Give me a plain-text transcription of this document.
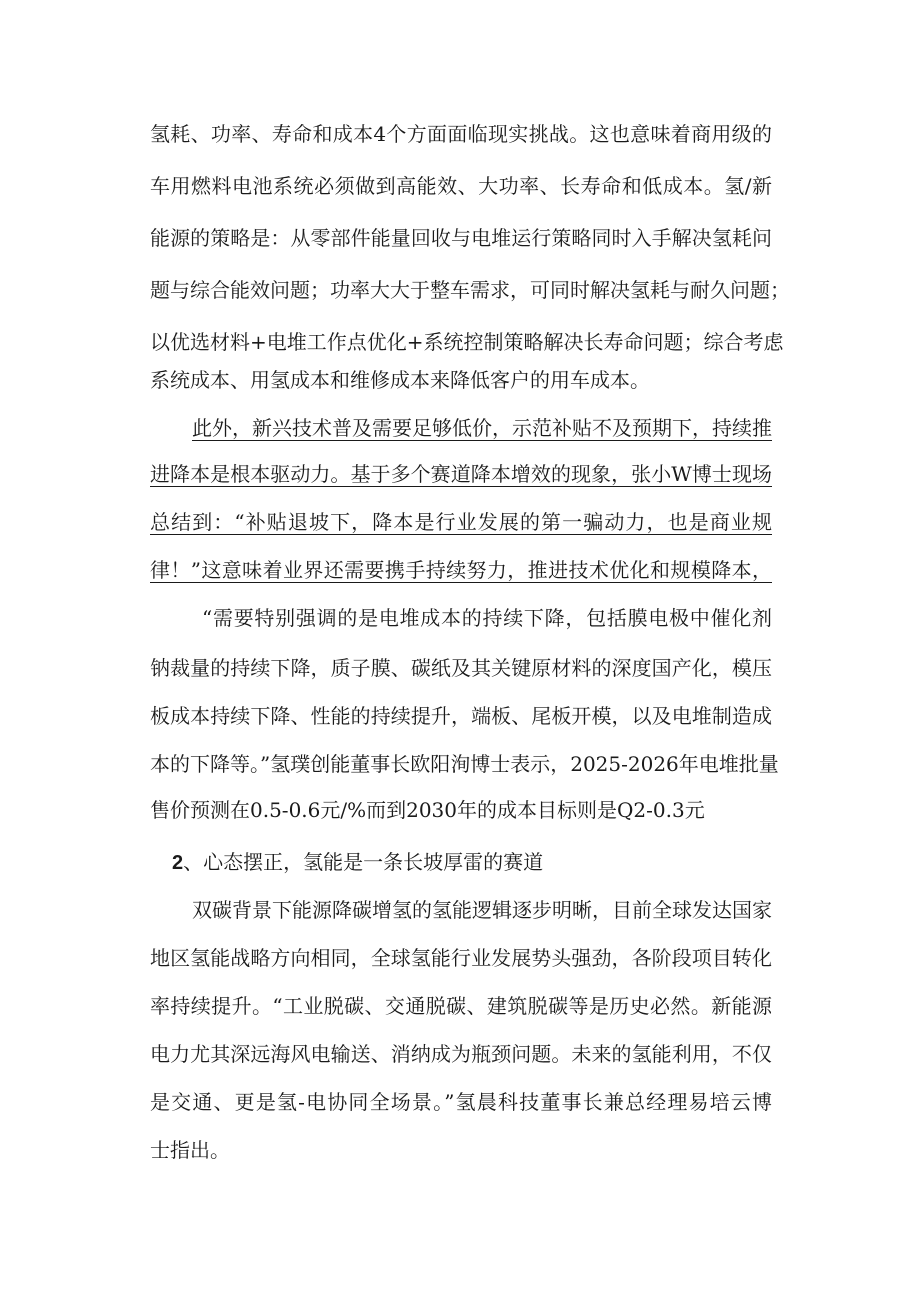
氢耗、功率、寿命和成本4个方面面临现实挑战。这也意味着商用级的
车用燃料电池系统必须做到高能效、大功率、长寿命和低成本。氢/新
能源的策略是：从零部件能量回收与电堆运行策略同时入手解决氢耗问
题与综合能效问题；功率大大于整车需求，可同时解决氢耗与耐久问题；
以优选材料+电堆工作点优化+系统控制策略解决长寿命问题；综合考虑
系统成本、用氢成本和维修成本来降低客户的用车成本。
此外，新兴技术普及需要足够低价，示范补贴不及预期下，持续推
进降本是根本驱动力。基于多个赛道降本增效的现象，张小W博士现场
总结到：“补贴退坡下，降本是行业发展的第一骗动力，也是商业规
律！”这意味着业界还需要携手持续努力，推进技术优化和规模降本，
“需要特别强调的是电堆成本的持续下降，包括膜电极中催化剂
钠裁量的持续下降，质子膜、碳纸及其关键原材料的深度国产化，模压
板成本持续下降、性能的持续提升，端板、尾板开模，以及电堆制造成
本的下降等。”氢璞创能董事长欧阳洵博士表示，2025-2026年电堆批量
售价预测在0.5-0.6元/%而到2030年的成本目标则是Q2-0.3元
2、心态摆正，氢能是一条长坡厚雷的赛道
双碳背景下能源降碳增氢的氢能逻辑逐步明晰，目前全球发达国家
地区氢能战略方向相同，全球氢能行业发展势头强劲，各阶段项目转化
率持续提升。“工业脱碳、交通脱碳、建筑脱碳等是历史必然。新能源
电力尤其深远海风电输送、消纳成为瓶颈问题。未来的氢能利用，不仅
是交通、更是氢-电协同全场景。”氢晨科技董事长兼总经理易培云博
士指出。
